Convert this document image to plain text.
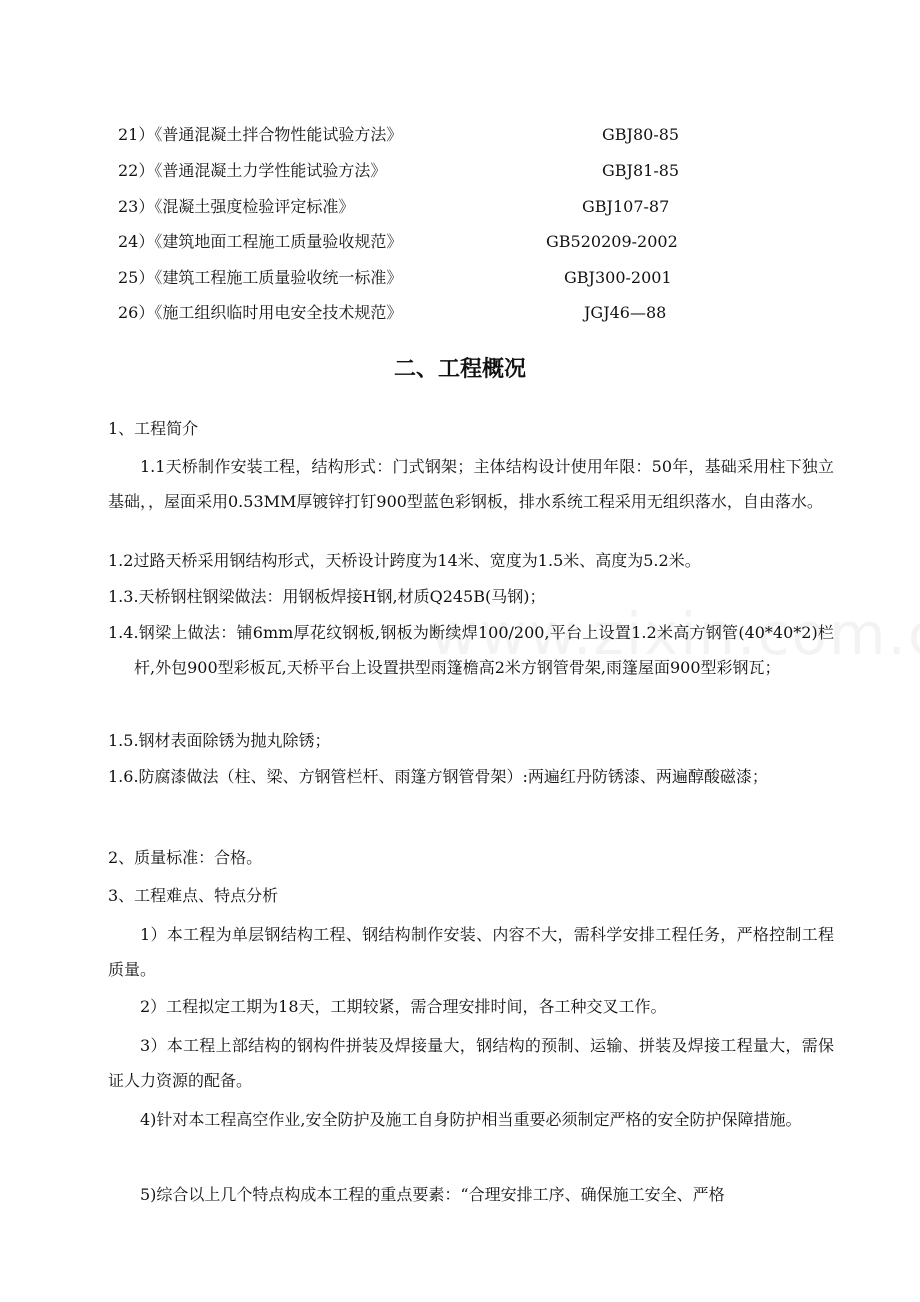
21）《普通混凝土拌合物性能试验方法》	GBJ80-85
22）《普通混凝土力学性能试验方法》	GBJ81-85
23）《混凝土强度检验评定标准》	GBJ107-87
24）《建筑地面工程施工质量验收规范》	GB520209-2002
25）《建筑工程施工质量验收统一标准》	GBJ300-2001
26）《施工组织临时用电安全技术规范》	JGJ46—88
二、工程概况

1、工程简介

1.1天桥制作安装工程，结构形式：门式钢架；主体结构设计使用年限：50年，基础采用柱下独立基础，，屋面采用0.53MM厚镀锌打钉900型蓝色彩钢板，排水系统工程采用无组织落水，自由落水。

1.2过路天桥采用钢结构形式，天桥设计跨度为14米、宽度为1.5米、高度为5.2米。

1.3.天桥钢柱钢梁做法：用钢板焊接H钢,材质Q245B(马钢)；

1.4.钢梁上做法：铺6mm厚花纹钢板,钢板为断续焊100/200,平台上设置1.2米高方钢管(40*40*2)栏杆,外包900型彩板瓦,天桥平台上设置拱型雨篷檐高2米方钢管骨架,雨篷屋面900型彩钢瓦；

1.5.钢材表面除锈为抛丸除锈；

1.6.防腐漆做法（柱、梁、方钢管栏杆、雨篷方钢管骨架）:两遍红丹防锈漆、两遍醇酸磁漆；

2、质量标准：合格。

3、工程难点、特点分析

1）本工程为单层钢结构工程、钢结构制作安装、内容不大，需科学安排工程任务，严格控制工程质量。

2）工程拟定工期为18天，工期较紧，需合理安排时间，各工种交叉工作。

3）本工程上部结构的钢构件拼装及焊接量大，钢结构的预制、运输、拼装及焊接工程量大，需保证人力资源的配备。

4)针对本工程高空作业,安全防护及施工自身防护相当重要必须制定严格的安全防护保障措施。

5)综合以上几个特点构成本工程的重点要素：“合理安排工序、确保施工安全、严格
